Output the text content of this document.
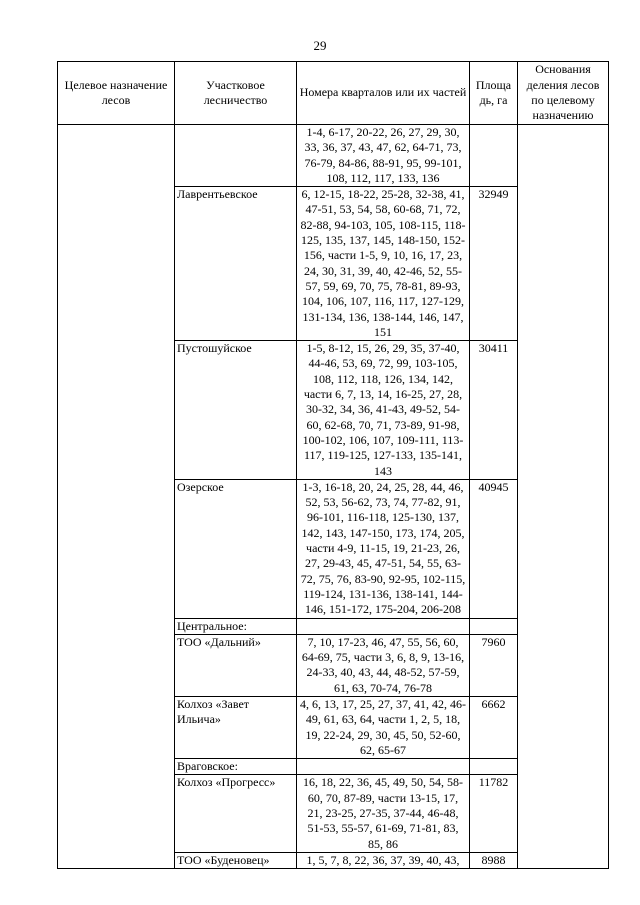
29
Целевое назначение лесов	Участковое лесничество	Номера кварталов или их частей	Площа дь, га	Основания деления лесов по целевому назначению
		1-4, 6-17, 20-22, 26, 27, 29, 30, 33, 36, 37, 43, 47, 62, 64-71, 73, 76-79, 84-86, 88-91, 95, 99-101, 108, 112, 117, 133, 136		
	Лаврентьевское	6, 12-15, 18-22, 25-28, 32-38, 41, 47-51, 53, 54, 58, 60-68, 71, 72, 82-88, 94-103, 105, 108-115, 118-125, 135, 137, 145, 148-150, 152-156, части 1-5, 9, 10, 16, 17, 23, 24, 30, 31, 39, 40, 42-46, 52, 55-57, 59, 69, 70, 75, 78-81, 89-93, 104, 106, 107, 116, 117, 127-129, 131-134, 136, 138-144, 146, 147, 151	32949	
	Пустошуйское	1-5, 8-12, 15, 26, 29, 35, 37-40, 44-46, 53, 69, 72, 99, 103-105, 108, 112, 118, 126, 134, 142, части 6, 7, 13, 14, 16-25, 27, 28, 30-32, 34, 36, 41-43, 49-52, 54-60, 62-68, 70, 71, 73-89, 91-98, 100-102, 106, 107, 109-111, 113-117, 119-125, 127-133, 135-141, 143	30411	
	Озерское	1-3, 16-18, 20, 24, 25, 28, 44, 46, 52, 53, 56-62, 73, 74, 77-82, 91, 96-101, 116-118, 125-130, 137, 142, 143, 147-150, 173, 174, 205, части 4-9, 11-15, 19, 21-23, 26, 27, 29-43, 45, 47-51, 54, 55, 63-72, 75, 76, 83-90, 92-95, 102-115, 119-124, 131-136, 138-141, 144-146, 151-172, 175-204, 206-208	40945	
	Центральное:			
	ТОО «Дальний»	7, 10, 17-23, 46, 47, 55, 56, 60, 64-69, 75, части 3, 6, 8, 9, 13-16, 24-33, 40, 43, 44, 48-52, 57-59, 61, 63, 70-74, 76-78	7960	
	Колхоз «Завет Ильича»	4, 6, 13, 17, 25, 27, 37, 41, 42, 46-49, 61, 63, 64, части 1, 2, 5, 18, 19, 22-24, 29, 30, 45, 50, 52-60, 62, 65-67	6662	
	Враговское:			
	Колхоз «Прогресс»	16, 18, 22, 36, 45, 49, 50, 54, 58-60, 70, 87-89, части 13-15, 17, 21, 23-25, 27-35, 37-44, 46-48, 51-53, 55-57, 61-69, 71-81, 83, 85, 86	11782	
	ТОО «Буденовец»	1, 5, 7, 8, 22, 36, 37, 39, 40, 43,	8988	
